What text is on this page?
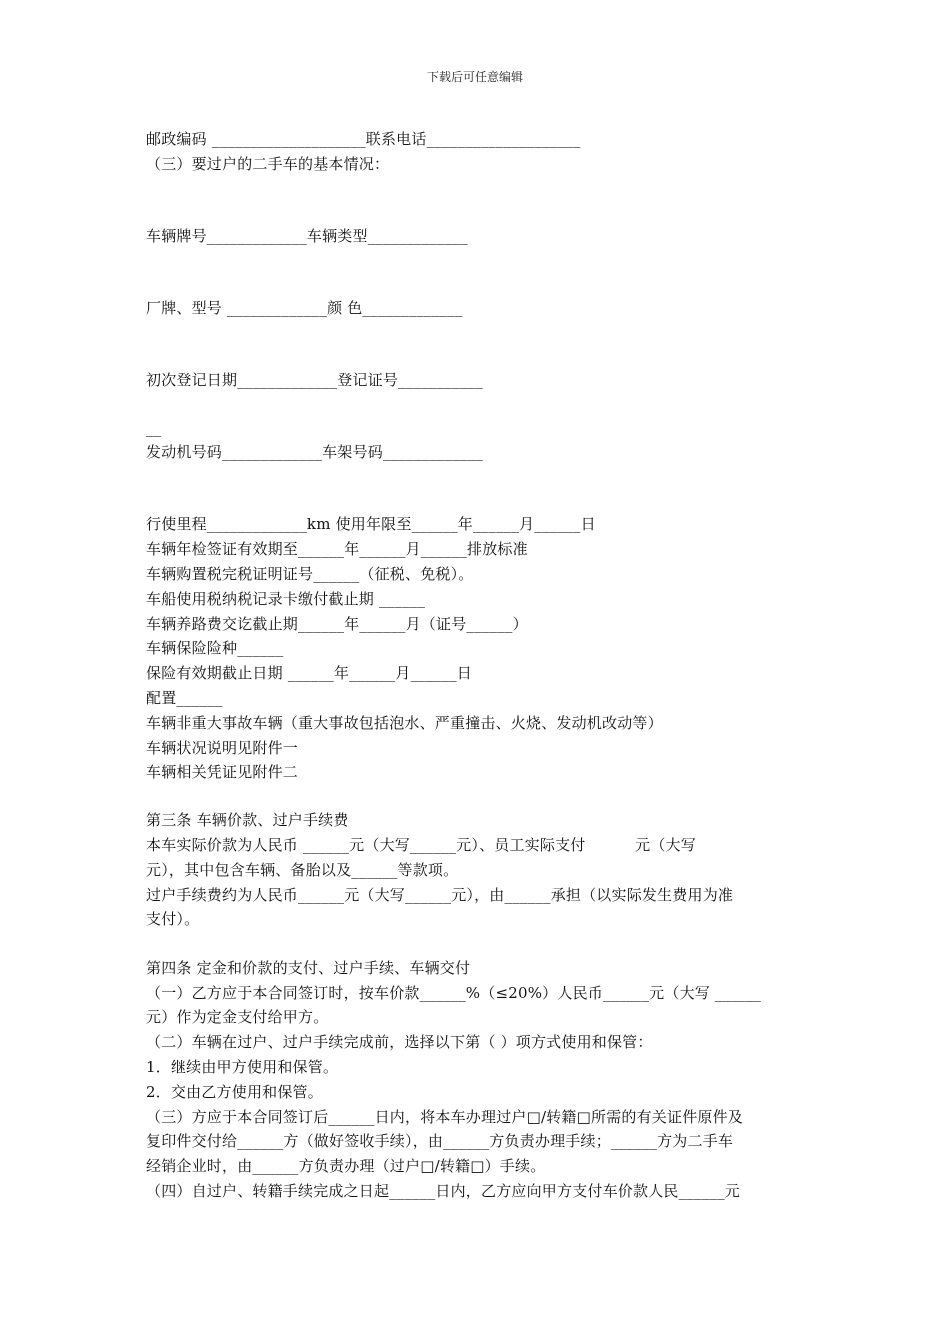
下载后可任意编辑
邮政编码 ____________________联系电话____________________
（三）要过户的二手车的基本情况：
车辆牌号_____________车辆类型_____________
厂牌、型号 _____________颜 色_____________
初次登记日期_____________登记证号___________
__
发动机号码_____________车架号码_____________
行使里程_____________km 使用年限至______年______月______日
车辆年检签证有效期至______年______月______排放标准
车辆购置税完税证明证号______（征税、免税）。
车船使用税纳税记录卡缴付截止期 ______
车辆养路费交讫截止期______年______月（证号______）
车辆保险险种______
保险有效期截止日期 ______年______月______日
配置______
车辆非重大事故车辆（重大事故包括泡水、严重撞击、火烧、发动机改动等）
车辆状况说明见附件一
车辆相关凭证见附件二
第三条 车辆价款、过户手续费
本车实际价款为人民币 ______元（大写______元）、员工实际支付          元（大写
元），其中包含车辆、备胎以及______等款项。
过户手续费约为人民币______元（大写______元），由______承担（以实际发生费用为准
支付）。
第四条 定金和价款的支付、过户手续、车辆交付
（一）乙方应于本合同签订时，按车价款______%（≤20%）人民币______元（大写 ______
元）作为定金支付给甲方。
（二）车辆在过户、过户手续完成前，选择以下第（ ）项方式使用和保管：
1．继续由甲方使用和保管。
2．交由乙方使用和保管。
（三）方应于本合同签订后______日内，将本车办理过户□/转籍□所需的有关证件原件及
复印件交付给______方（做好签收手续），由______方负责办理手续；______方为二手车
经销企业时，由______方负责办理（过户□/转籍□）手续。
（四）自过户、转籍手续完成之日起______日内，乙方应向甲方支付车价款人民______元
